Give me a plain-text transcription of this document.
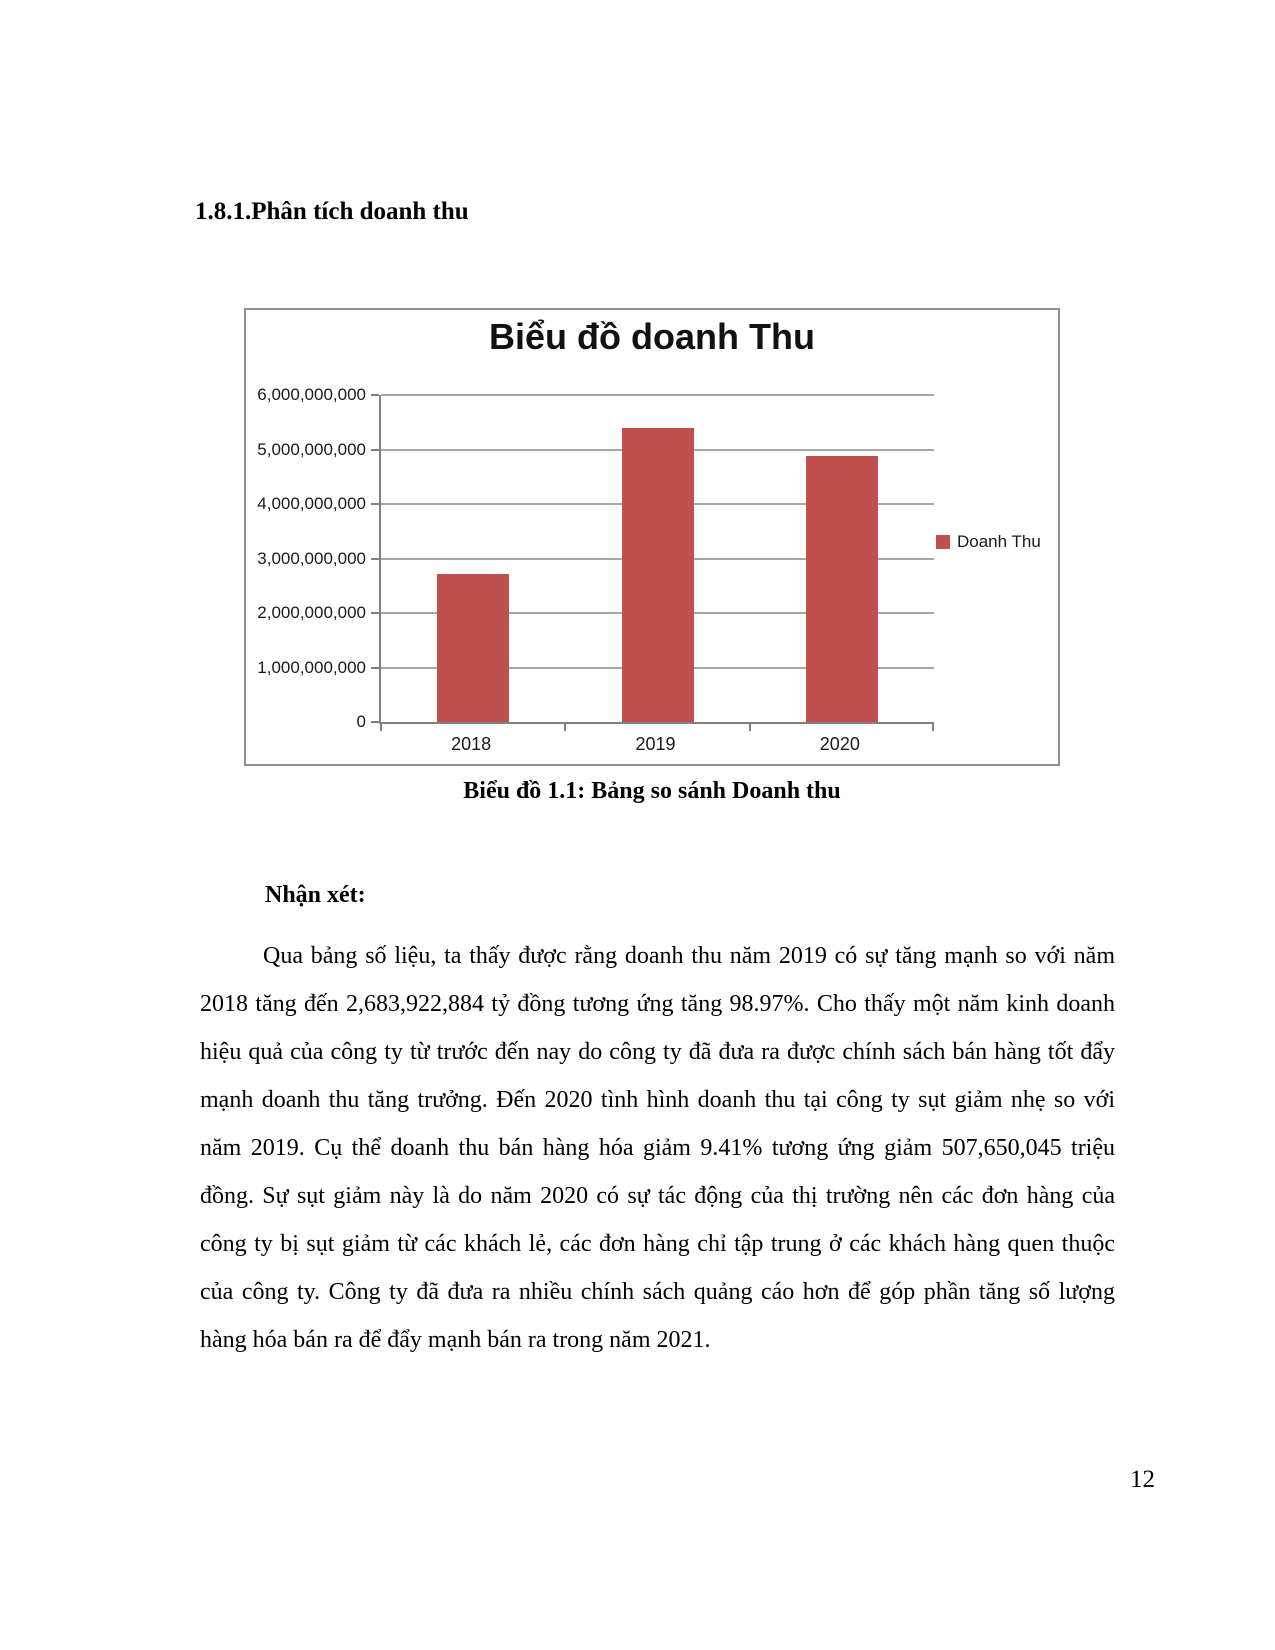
1.8.1.Phân tích doanh thu
Biểu đồ doanh Thu
0
1,000,000,000
2,000,000,000
3,000,000,000
4,000,000,000
5,000,000,000
6,000,000,000
2018	2019	2020
Doanh Thu
Biểu đồ 1.1: Bảng so sánh Doanh thu

Nhận xét:

Qua bảng số liệu, ta thấy được rằng doanh thu năm 2019 có sự tăng mạnh so với năm 2018 tăng đến 2,683,922,884 tỷ đồng tương ứng tăng 98.97%. Cho thấy một năm kinh doanh hiệu quả của công ty từ trước đến nay do công ty đã đưa ra được chính sách bán hàng tốt đẩy mạnh doanh thu tăng trưởng. Đến 2020 tình hình doanh thu tại công ty sụt giảm nhẹ so với năm 2019. Cụ thể doanh thu bán hàng hóa giảm 9.41% tương ứng giảm 507,650,045 triệu đồng. Sự sụt giảm này là do năm 2020 có sự tác động của thị trường nên các đơn hàng của công ty bị sụt giảm từ các khách lẻ, các đơn hàng chỉ tập trung ở các khách hàng quen thuộc của công ty. Công ty đã đưa ra nhiều chính sách quảng cáo hơn để góp phần tăng số lượng hàng hóa bán ra để đẩy mạnh bán ra trong năm 2021.

12
